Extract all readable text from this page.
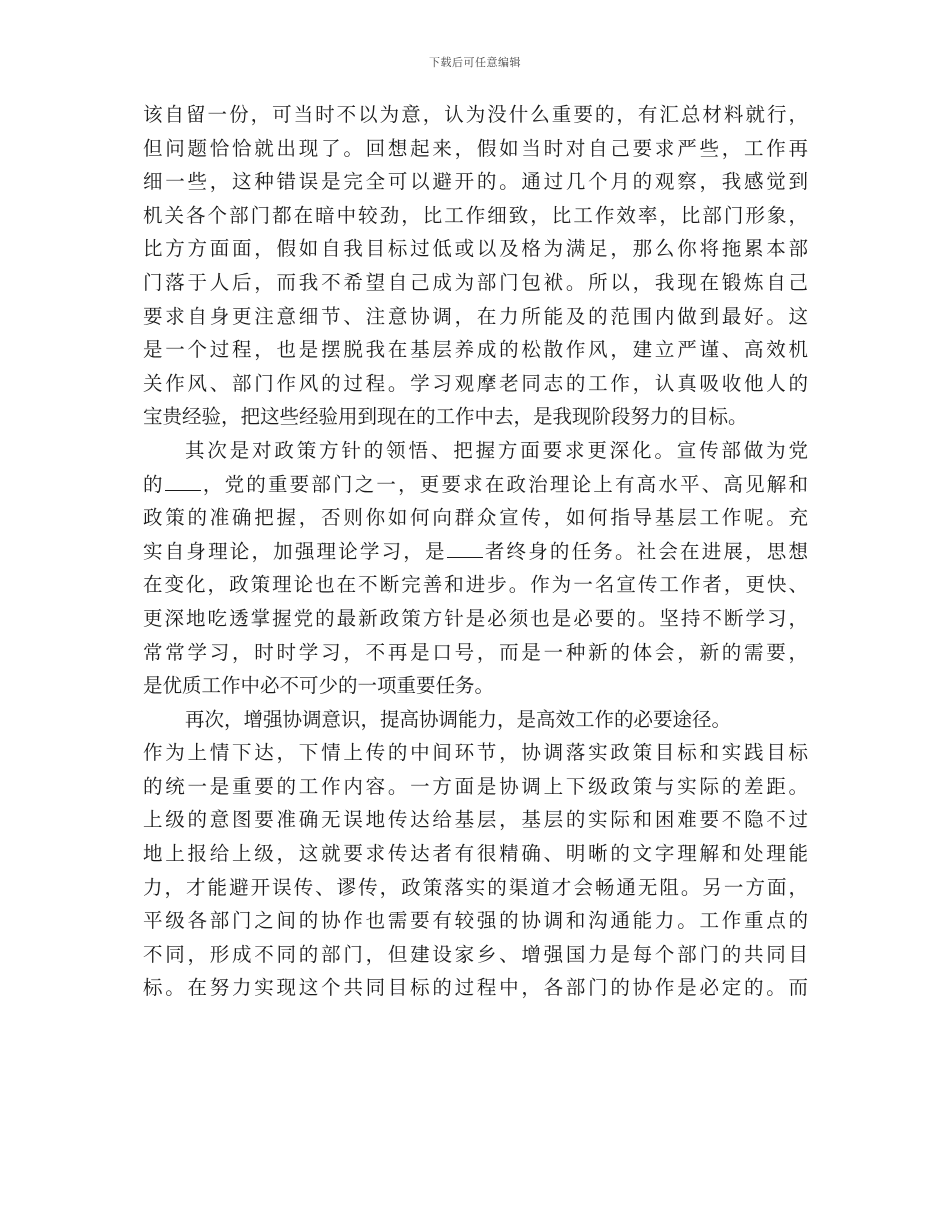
下载后可任意编辑
该自留一份，可当时不以为意，认为没什么重要的，有汇总材料就行，
但问题恰恰就出现了。回想起来，假如当时对自己要求严些，工作再
细一些，这种错误是完全可以避开的。通过几个月的观察，我感觉到
机关各个部门都在暗中较劲，比工作细致，比工作效率，比部门形象，
比方方面面，假如自我目标过低或以及格为满足，那么你将拖累本部
门落于人后，而我不希望自己成为部门包袱。所以，我现在锻炼自己
要求自身更注意细节、注意协调，在力所能及的范围内做到最好。这
是一个过程，也是摆脱我在基层养成的松散作风，建立严谨、高效机
关作风、部门作风的过程。学习观摩老同志的工作，认真吸收他人的
宝贵经验，把这些经验用到现在的工作中去，是我现阶段努力的目标。
其次是对政策方针的领悟、把握方面要求更深化。宣传部做为党
的 ，党的重要部门之一，更要求在政治理论上有高水平、高见解和
政策的准确把握，否则你如何向群众宣传，如何指导基层工作呢。充
实自身理论，加强理论学习，是 者终身的任务。社会在进展，思想
在变化，政策理论也在不断完善和进步。作为一名宣传工作者，更快、
更深地吃透掌握党的最新政策方针是必须也是必要的。坚持不断学习，
常常学习，时时学习，不再是口号，而是一种新的体会，新的需要，
是优质工作中必不可少的一项重要任务。
再次，增强协调意识，提高协调能力，是高效工作的必要途径。
作为上情下达，下情上传的中间环节，协调落实政策目标和实践目标
的统一是重要的工作内容。一方面是协调上下级政策与实际的差距。
上级的意图要准确无误地传达给基层，基层的实际和困难要不隐不过
地上报给上级，这就要求传达者有很精确、明晰的文字理解和处理能
力，才能避开误传、谬传，政策落实的渠道才会畅通无阻。另一方面，
平级各部门之间的协作也需要有较强的协调和沟通能力。工作重点的
不同，形成不同的部门，但建设家乡、增强国力是每个部门的共同目
标。在努力实现这个共同目标的过程中，各部门的协作是必定的。而
